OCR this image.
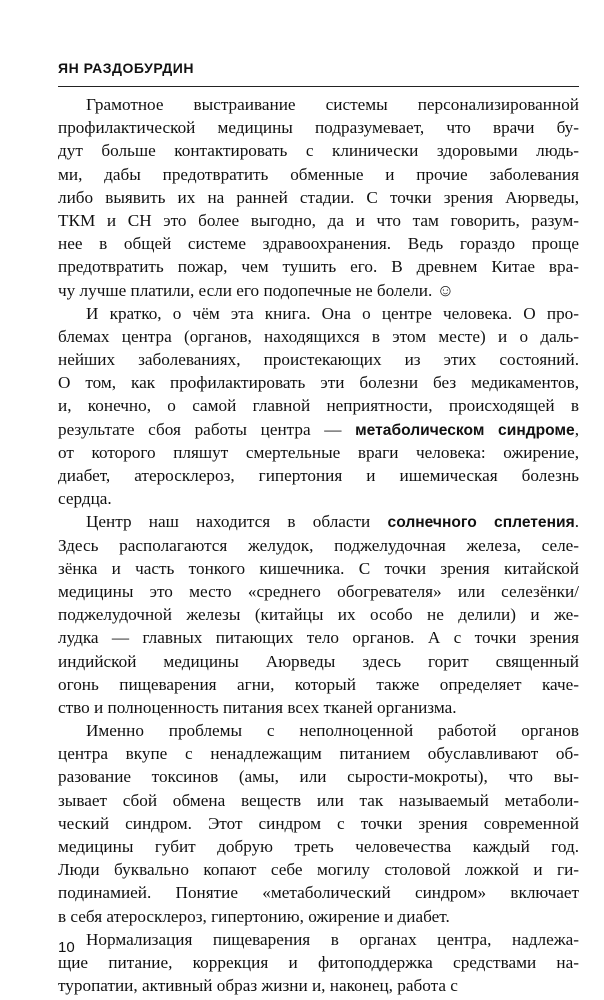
ЯН РАЗДОБУРДИН
Грамотное выстраивание системы персонализированной
профилактической медицины подразумевает, что врачи бу-
дут больше контактировать с клинически здоровыми людь-
ми, дабы предотвратить обменные и прочие заболевания
либо выявить их на ранней стадии. С точки зрения Аюрведы,
ТКМ и СН это более выгодно, да и что там говорить, разум-
нее в общей системе здравоохранения. Ведь гораздо проще
предотвратить пожар, чем тушить его. В древнем Китае вра-
чу лучше платили, если его подопечные не болели. ☺
И кратко, о чём эта книга. Она о центре человека. О про-
блемах центра (органов, находящихся в этом месте) и о даль-
нейших заболеваниях, проистекающих из этих состояний.
О том, как профилактировать эти болезни без медикаментов,
и, конечно, о самой главной неприятности, происходящей в
результате сбоя работы центра — метаболическом синдроме,
от которого пляшут смертельные враги человека: ожирение,
диабет, атеросклероз, гипертония и ишемическая болезнь
сердца.
Центр наш находится в области солнечного сплетения.
Здесь располагаются желудок, поджелудочная железа, селе-
зёнка и часть тонкого кишечника. С точки зрения китайской
медицины это место «среднего обогревателя» или селезёнки/
поджелудочной железы (китайцы их особо не делили) и же-
лудка — главных питающих тело органов. А с точки зрения
индийской медицины Аюрведы здесь горит священный
огонь пищеварения агни, который также определяет каче-
ство и полноценность питания всех тканей организма.
Именно проблемы с неполноценной работой органов
центра вкупе с ненадлежащим питанием обуславливают об-
разование токсинов (амы, или сырости-мокроты), что вы-
зывает сбой обмена веществ или так называемый метаболи-
ческий синдром. Этот синдром с точки зрения современной
медицины губит добрую треть человечества каждый год.
Люди буквально копают себе могилу столовой ложкой и ги-
подинамией. Понятие «метаболический синдром» включает
в себя атеросклероз, гипертонию, ожирение и диабет.
Нормализация пищеварения в органах центра, надлежа-
щие питание, коррекция и фитоподдержка средствами на-
туропатии, активный образ жизни и, наконец, работа с
10
